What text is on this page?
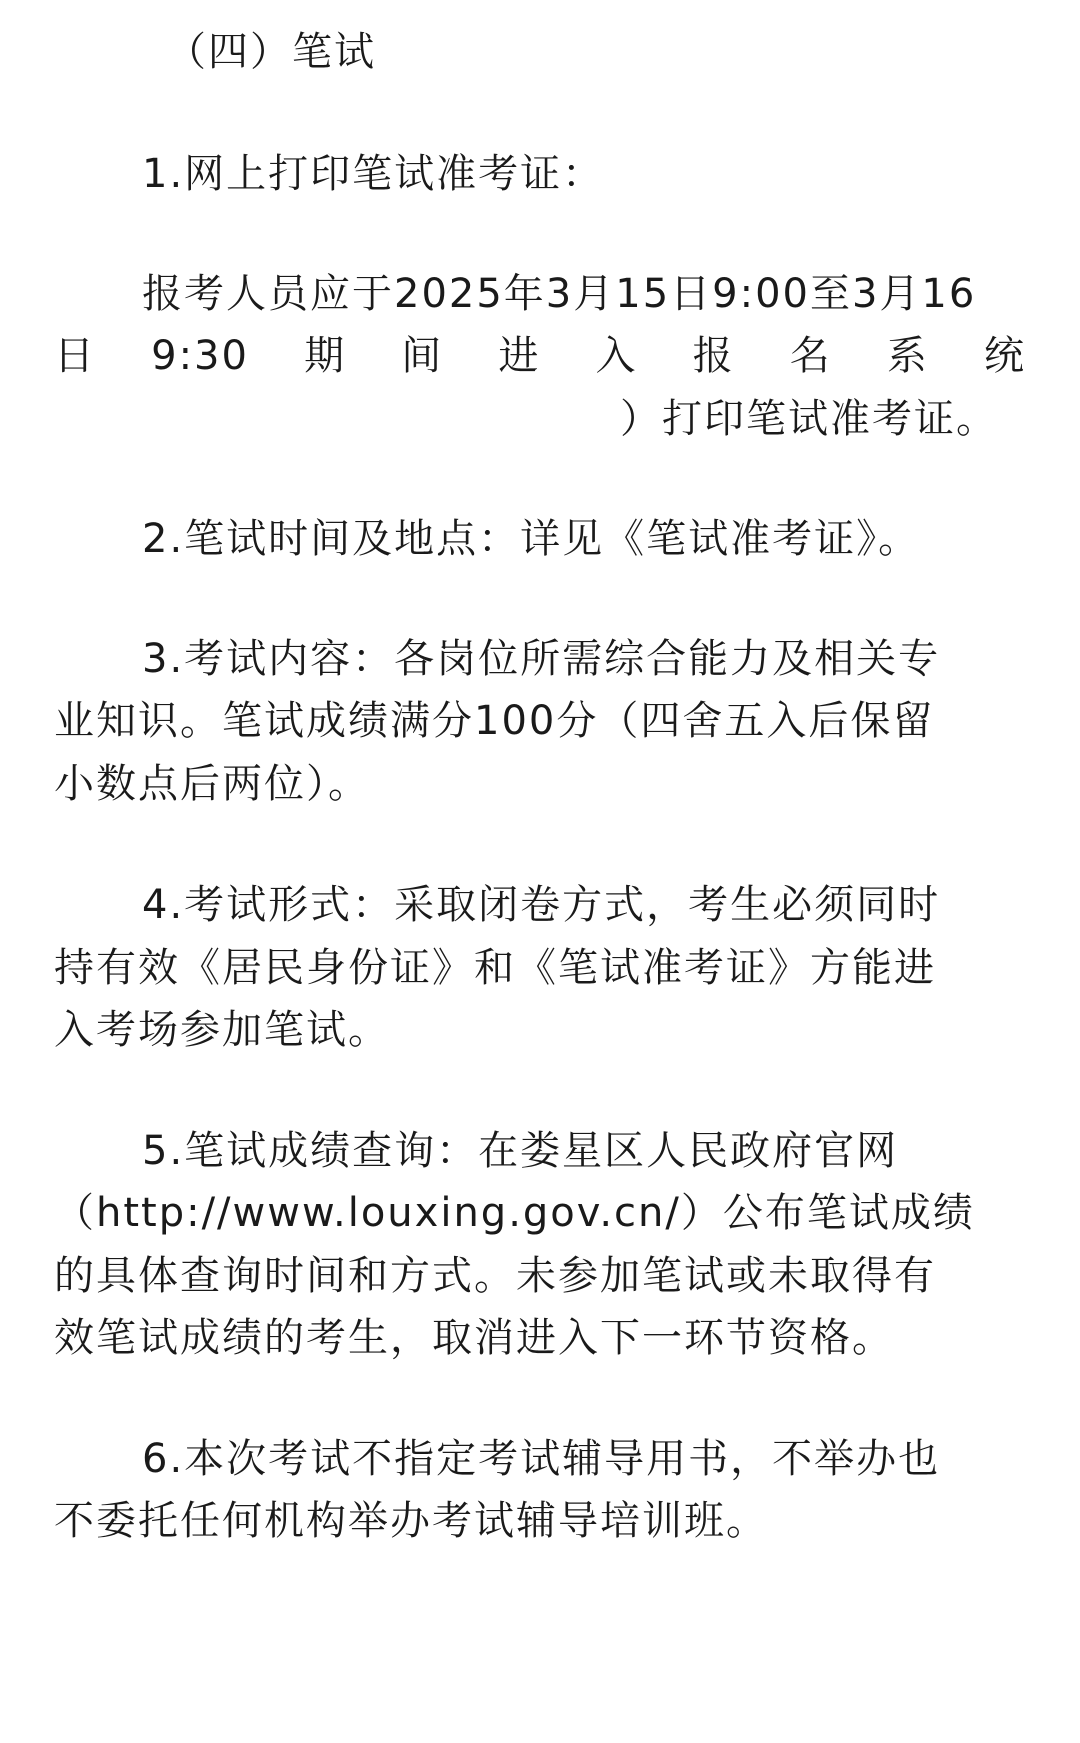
（四）笔试
1.网上打印笔试准考证：
报考人员应于2025年3月15日9:00至3月16
日 9:30 期 间 进 入 报 名 系 统
）打印笔试准考证。
2.笔试时间及地点：详见《笔试准考证》。
3.考试内容：各岗位所需综合能力及相关专
业知识。笔试成绩满分100分（四舍五入后保留
小数点后两位）。
4.考试形式：采取闭卷方式，考生必须同时
持有效《居民身份证》和《笔试准考证》方能进
入考场参加笔试。
5.笔试成绩查询：在娄星区人民政府官网
（http://www.louxing.gov.cn/）公布笔试成绩
的具体查询时间和方式。未参加笔试或未取得有
效笔试成绩的考生，取消进入下一环节资格。
6.本次考试不指定考试辅导用书，不举办也
不委托任何机构举办考试辅导培训班。
